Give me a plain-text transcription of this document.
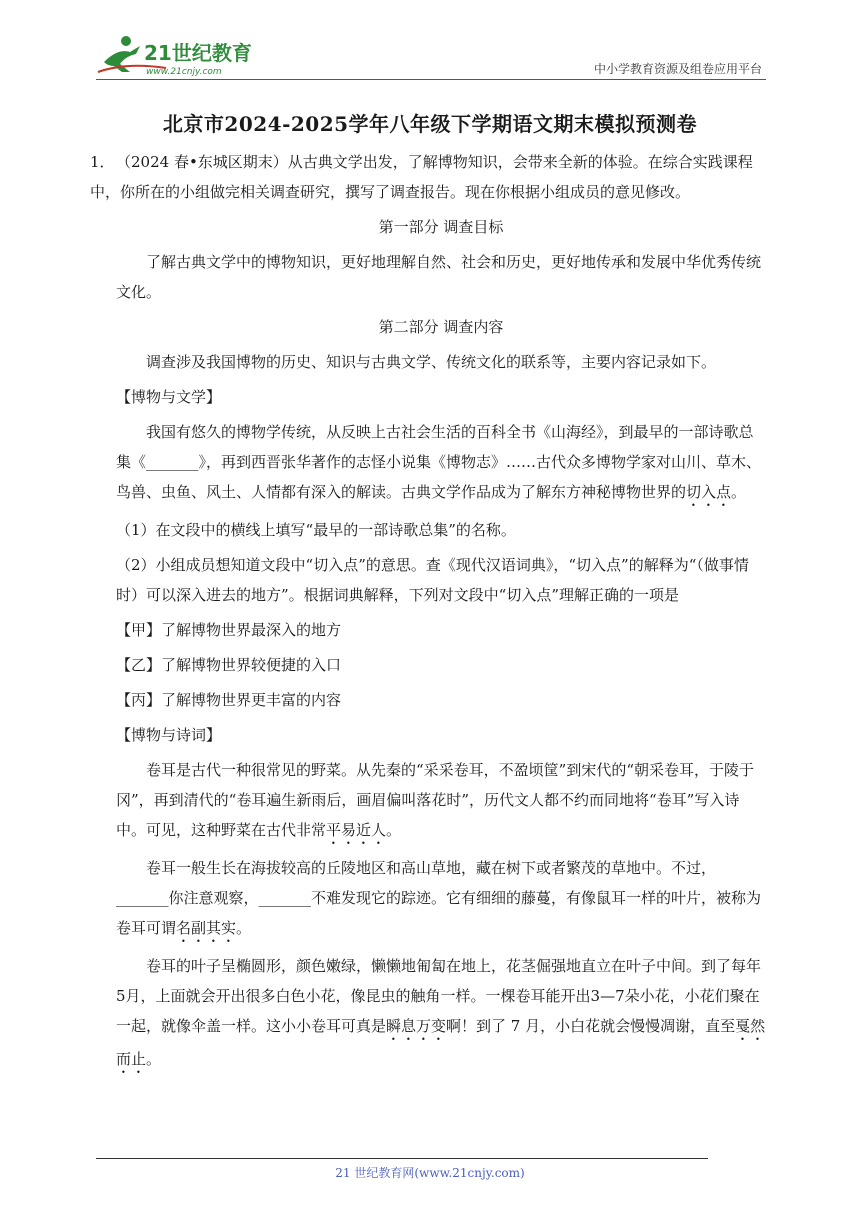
21世纪教育
www.21cnjy.com	中小学教育资源及组卷应用平台
北京市2024-2025学年八年级下学期语文期末模拟预测卷

1．（2024 春•东城区期末）从古典文学出发，了解博物知识，会带来全新的体验。在综合实践课程中，你所在的小组做完相关调查研究，撰写了调查报告。现在你根据小组成员的意见修改。

第一部分 调查目标

了解古典文学中的博物知识，更好地理解自然、社会和历史，更好地传承和发展中华优秀传统文化。

第二部分 调查内容

调查涉及我国博物的历史、知识与古典文学、传统文化的联系等，主要内容记录如下。

【博物与文学】

我国有悠久的博物学传统，从反映上古社会生活的百科全书《山海经》，到最早的一部诗歌总集《_______》，再到西晋张华著作的志怪小说集《博物志》……古代众多博物学家对山川、草木、鸟兽、虫鱼、风土、人情都有深入的解读。古典文学作品成为了解东方神秘博物世界的切入点。

（1）在文段中的横线上填写“最早的一部诗歌总集”的名称。

（2）小组成员想知道文段中“切入点”的意思。查《现代汉语词典》，“切入点”的解释为“（做事情时）可以深入进去的地方”。根据词典解释，下列对文段中“切入点”理解正确的一项是

【甲】了解博物世界最深入的地方

【乙】了解博物世界较便捷的入口

【丙】了解博物世界更丰富的内容

【博物与诗词】

卷耳是古代一种很常见的野菜。从先秦的“采采卷耳，不盈顷筐”到宋代的“朝采卷耳，于陵于冈”，再到清代的“卷耳遍生新雨后，画眉偏叫落花时”，历代文人都不约而同地将“卷耳”写入诗中。可见，这种野菜在古代非常平易近人。

卷耳一般生长在海拔较高的丘陵地区和高山草地，藏在树下或者繁茂的草地中。不过，_______你注意观察，_______不难发现它的踪迹。它有细细的藤蔓，有像鼠耳一样的叶片，被称为卷耳可谓名副其实。

卷耳的叶子呈椭圆形，颜色嫩绿，懒懒地匍匐在地上，花茎倔强地直立在叶子中间。到了每年5月，上面就会开出很多白色小花，像昆虫的触角一样。一棵卷耳能开出3—7朵小花，小花们聚在一起，就像伞盖一样。这小小卷耳可真是瞬息万变啊！到了 7 月，小白花就会慢慢凋谢，直至戛然而止。

21 世纪教育网(www.21cnjy.com)
